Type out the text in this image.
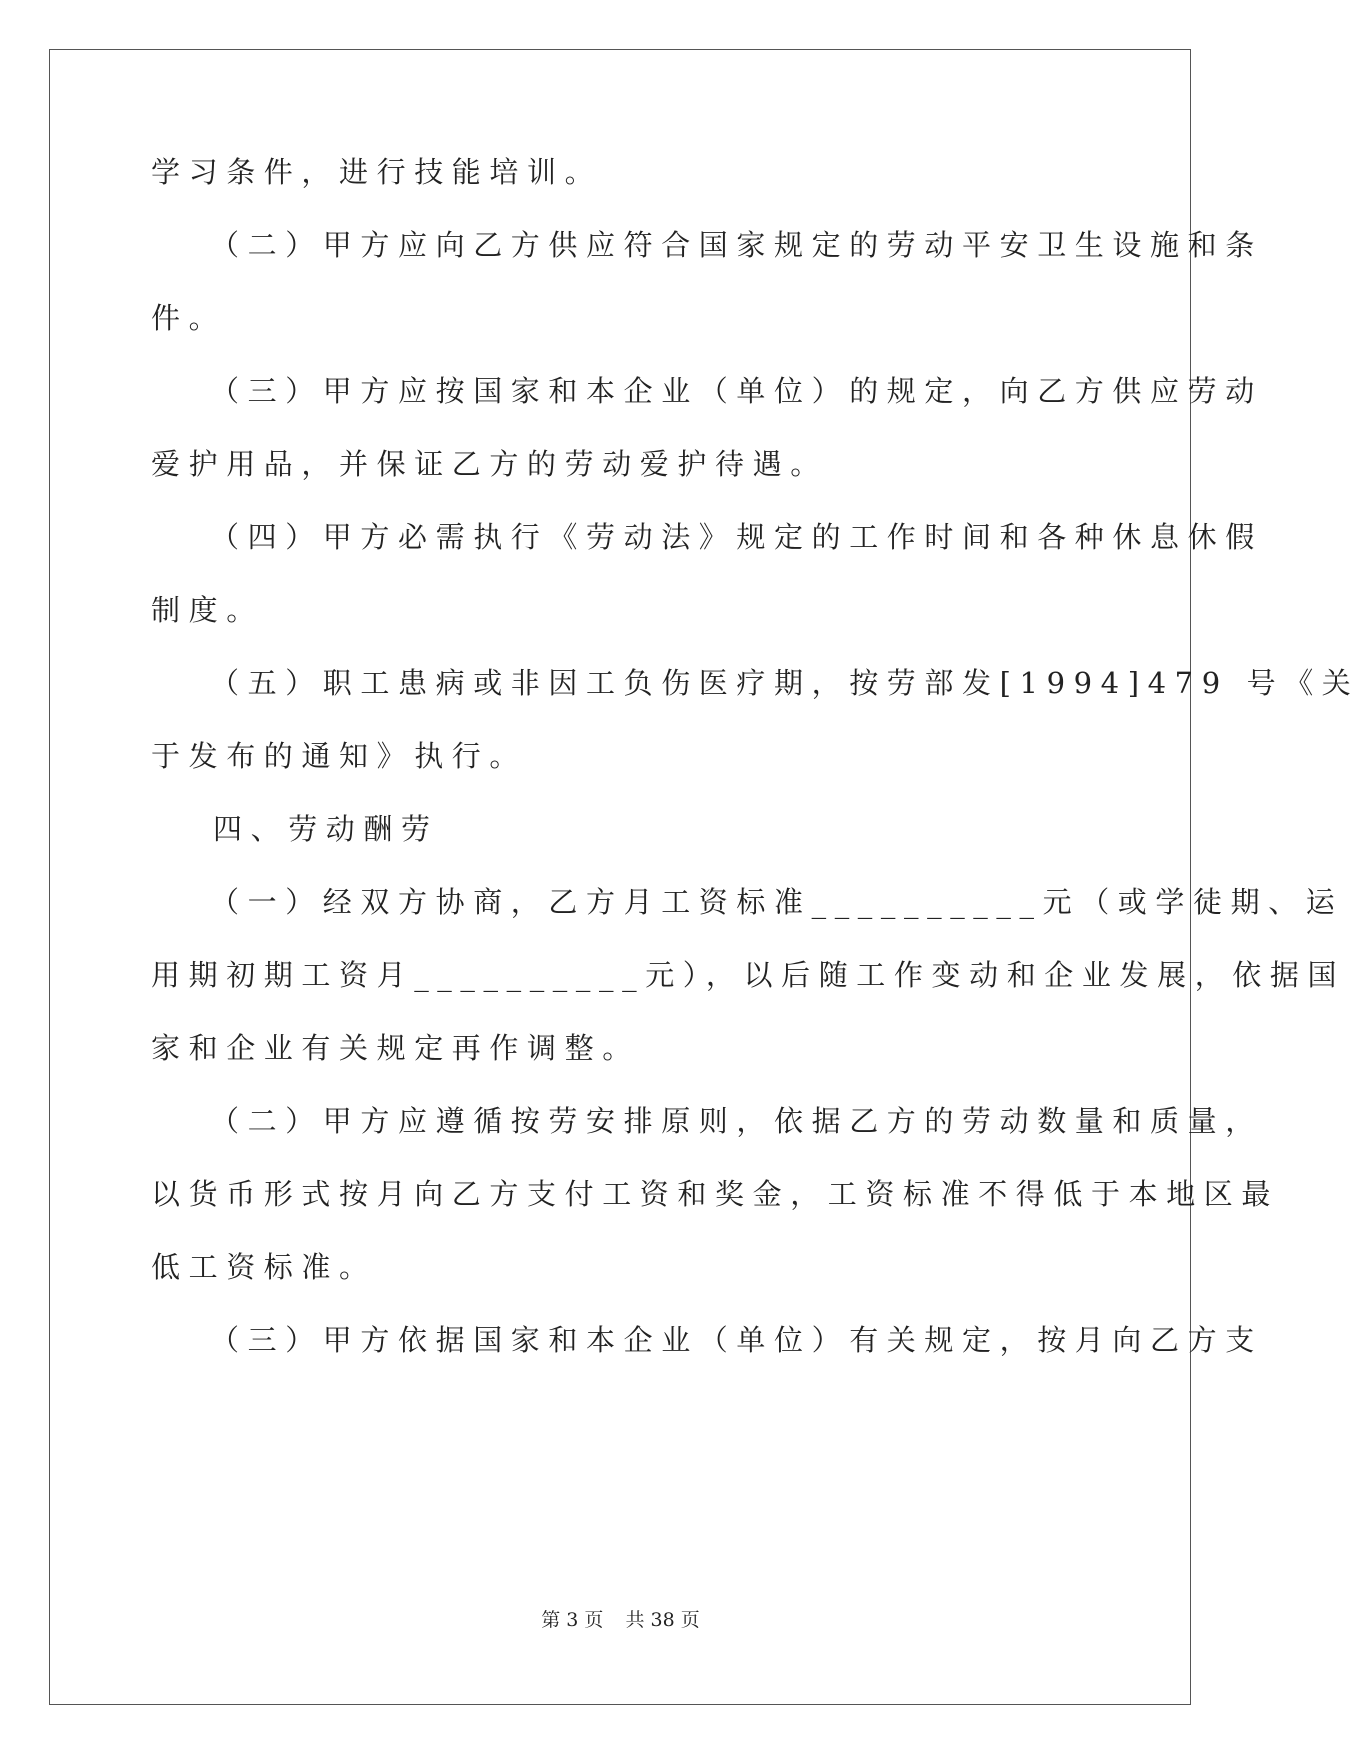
学习条件，进行技能培训。
（二）甲方应向乙方供应符合国家规定的劳动平安卫生设施和条
件。
（三）甲方应按国家和本企业（单位）的规定，向乙方供应劳动
爱护用品，并保证乙方的劳动爱护待遇。
（四）甲方必需执行《劳动法》规定的工作时间和各种休息休假
制度。
（五）职工患病或非因工负伤医疗期，按劳部发[1994]479 号《关
于发布的通知》执行。
四、劳动酬劳
（一）经双方协商，乙方月工资标准__________元（或学徒期、运
用期初期工资月__________元），以后随工作变动和企业发展，依据国
家和企业有关规定再作调整。
（二）甲方应遵循按劳安排原则，依据乙方的劳动数量和质量，
以货币形式按月向乙方支付工资和奖金，工资标准不得低于本地区最
低工资标准。
（三）甲方依据国家和本企业（单位）有关规定，按月向乙方支
第 3 页 共 38 页
